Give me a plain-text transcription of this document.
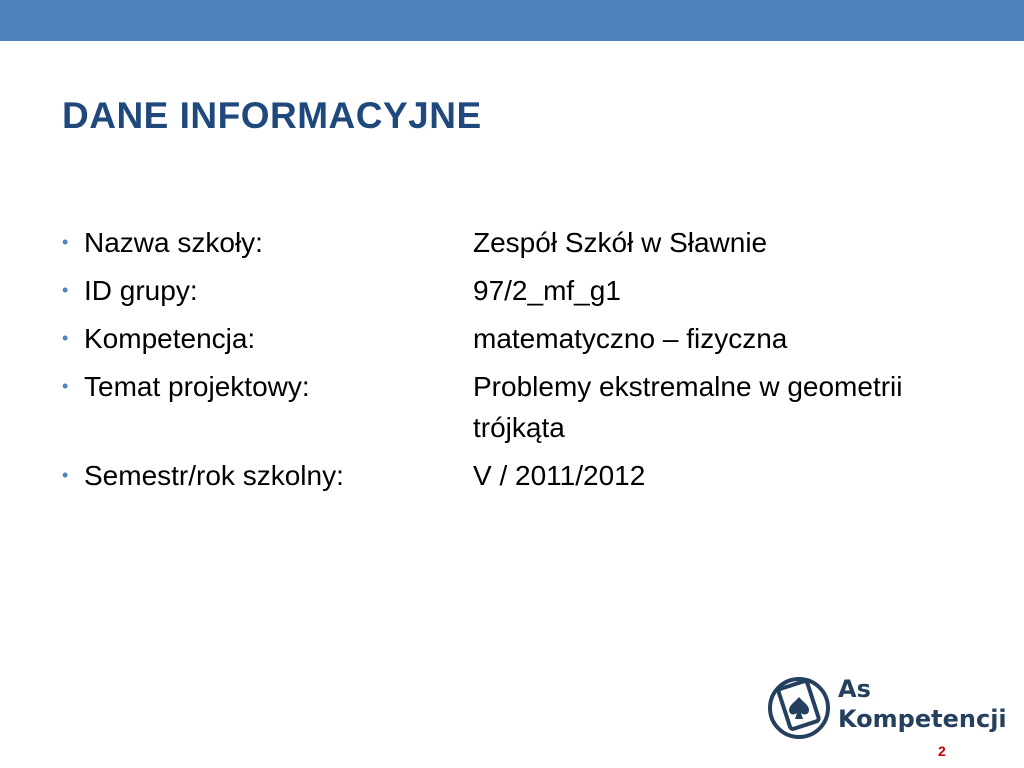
DANE INFORMACYJNE
• Nazwa szkoły:	Zespół Szkół w Sławnie
• ID grupy:	97/2_mf_g1
• Kompetencja:	matematyczno – fizyczna
• Temat projektowy:	Problemy ekstremalne w geometrii trójkąta
• Semestr/rok szkolny:	V / 2011/2012
As
Kompetencji
2
